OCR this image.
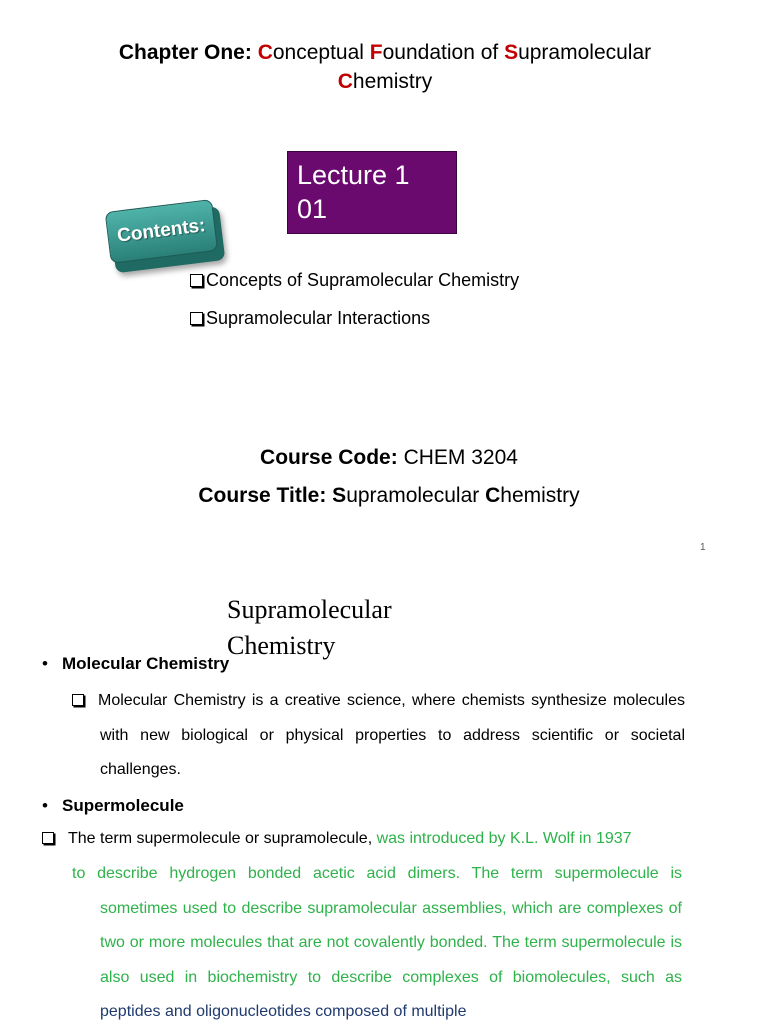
Chapter One: Conceptual Foundation of Supramolecular
Chemistry
Lecture 1
01
Contents:
Concepts of Supramolecular Chemistry
Supramolecular Interactions
Course Code: CHEM 3204
Course Title: Supramolecular Chemistry
1
Supramolecular
Chemistry
• Molecular Chemistry
Molecular Chemistry is a creative science, where chemists synthesize molecules with new biological or physical properties to address scientific or societal challenges.
• Supermolecule
The term supermolecule or supramolecule, was introduced by K.L. Wolf in 1937
to describe hydrogen bonded acetic acid dimers. The term supermolecule is sometimes used to describe supramolecular assemblies, which are complexes of two or more molecules that are not covalently bonded. The term supermolecule is also used in biochemistry to describe complexes of biomolecules, such as peptides and oligonucleotides composed of multiple
